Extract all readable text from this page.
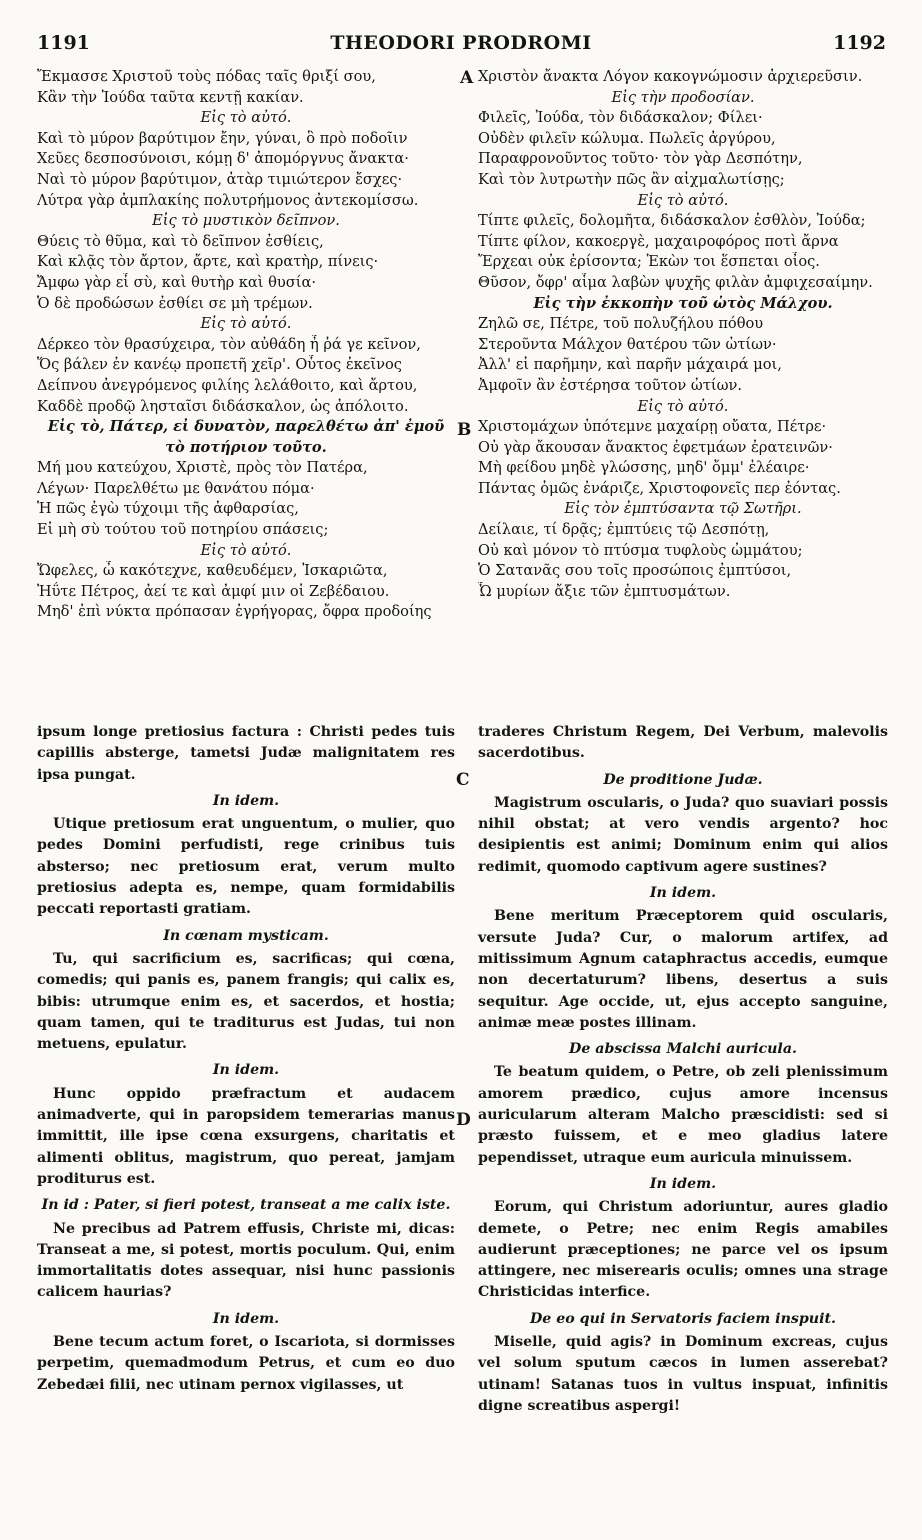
1191	THEODORI PRODROMI	1192
Ἔκμασσε Χριστοῦ τοὺς πόδας ταῖς θριξί σου,
Κἂν τὴν Ἰούδα ταῦτα κεντῇ κακίαν.
Εἰς τὸ αὐτό.
Καὶ τὸ μύρον βαρύτιμον ἔην, γύναι, ὃ πρὸ ποδοῖιν
Χεῦες δεσποσύνοισι, κόμῃ δ' ἀπομόργνυς ἄνακτα·
Ναὶ τὸ μύρον βαρύτιμον, ἀτὰρ τιμιώτερον ἔσχες·
Λύτρα γὰρ ἀμπλακίης πολυτρήμονος ἀντεκομίσσω.
Εἰς τὸ μυστικὸν δεῖπνον.
Θύεις τὸ θῦμα, καὶ τὸ δεῖπνον ἐσθίεις,
Καὶ κλᾷς τὸν ἄρτον, ἄρτε, καὶ κρατὴρ, πίνεις·
Ἄμφω γὰρ εἶ σὺ, καὶ θυτὴρ καὶ θυσία·
Ὁ δὲ προδώσων ἐσθίει σε μὴ τρέμων.
Εἰς τὸ αὐτό.
Δέρκεο τὸν θρασύχειρα, τὸν αὐθάδη ἦ ῥά γε κεῖνον,
Ὅς βάλεν ἐν κανέῳ προπετῆ χεῖρ'. Οὗτος ἐκεῖνος
Δείπνου ἀνεγρόμενος φιλίης λελάθοιτο, καὶ ἄρτου,
Καδδὲ προδῷ λησταῖσι διδάσκαλον, ὡς ἀπόλοιτο.
Εἰς τὸ, Πάτερ, εἰ δυνατὸν, παρελθέτω ἀπ' ἐμοῦ
τὸ ποτήριον τοῦτο.
Μή μου κατεύχου, Χριστὲ, πρὸς τὸν Πατέρα,
Λέγων· Παρελθέτω με θανάτου πόμα·
Ἡ πῶς ἐγὼ τύχοιμι τῆς ἀφθαρσίας,
Εἰ μὴ σὺ τούτου τοῦ ποτηρίου σπάσεις;
Εἰς τὸ αὐτό.
Ὤφελες, ὦ κακότεχνε, καθευδέμεν, Ἰσκαριῶτα,
Ἠΰτε Πέτρος, ἀεί τε καὶ ἀμφί μιν οἱ Ζεβέδαιου.
Μηδ' ἐπὶ νύκτα πρόπασαν ἐγρήγορας, ὄφρα προδοίης
Χριστὸν ἄνακτα Λόγον κακογνώμοσιν ἀρχιερεῦσιν.
Εἰς τὴν προδοσίαν.
Φιλεῖς, Ἰούδα, τὸν διδάσκαλον; Φίλει·
Οὐδὲν φιλεῖν κώλυμα. Πωλεῖς ἀργύρου,
Παραφρονοῦντος τοῦτο· τὸν γὰρ Δεσπότην,
Καὶ τὸν λυτρωτὴν πῶς ἂν αἰχμαλωτίσῃς;
Εἰς τὸ αὐτό.
Τίπτε φιλεῖς, δολομῆτα, διδάσκαλον ἐσθλὸν, Ἰούδα;
Τίπτε φίλον, κακοεργὲ, μαχαιροφόρος ποτὶ ἄρνα
Ἔρχεαι οὐκ ἐρίσοντα; Ἑκὼν τοι ἕσπεται οἶος.
Θῦσον, ὄφρ' αἷμα λαβὼν ψυχῆς φιλὰν ἀμφιχεσαίμην.
Εἰς τὴν ἐκκοπὴν τοῦ ὠτὸς Μάλχου.
Ζηλῶ σε, Πέτρε, τοῦ πολυζήλου πόθου
Στεροῦντα Μάλχον θατέρου τῶν ὠτίων·
Ἀλλ' εἰ παρῆμην, καὶ παρῆν μάχαιρά μοι,
Ἀμφοῖν ἂν ἐστέρησα τοῦτον ὠτίων.
Εἰς τὸ αὐτό.
Χριστομάχων ὑπότεμνε μαχαίρῃ οὔατα, Πέτρε·
Οὐ γὰρ ἄκουσαν ἄνακτος ἐφετμάων ἐρατεινῶν·
Μὴ φείδου μηδὲ γλώσσης, μηδ' ὄμμ' ἐλέαιρε·
Πάντας ὁμῶς ἐνάριζε, Χριστοφονεῖς περ ἐόντας.
Εἰς τὸν ἐμπτύσαντα τῷ Σωτῆρι.
Δείλαιε, τί δρᾷς; ἐμπτύεις τῷ Δεσπότῃ,
Οὐ καὶ μόνον τὸ πτύσμα τυφλοὺς ὠμμάτου;
Ὁ Σατανᾶς σου τοῖς προσώποις ἐμπτύσοι,
Ὦ μυρίων ἄξιε τῶν ἐμπτυσμάτων.
A
B
C
D

ipsum longe pretiosius factura : Christi pedes tuis capillis absterge, tametsi Judæ malignitatem res ipsa pungat.

In idem.

Utique pretiosum erat unguentum, o mulier, quo pedes Domini perfudisti, rege crinibus tuis absterso; nec pretiosum erat, verum multo pretiosius adepta es, nempe, quam formidabilis peccati reportasti gratiam.

In cœnam mysticam.

Tu, qui sacrificium es, sacrificas; qui cœna, comedis; qui panis es, panem frangis; qui calix es, bibis: utrumque enim es, et sacerdos, et hostia; quam tamen, qui te traditurus est Judas, tui non metuens, epulatur.

In idem.

Hunc oppido præfractum et audacem animadverte, qui in paropsidem temerarias manus immittit, ille ipse cœna exsurgens, charitatis et alimenti oblitus, magistrum, quo pereat, jamjam proditurus est.

In id : Pater, si fieri potest, transeat a me calix iste.

Ne precibus ad Patrem effusis, Christe mi, dicas: Transeat a me, si potest, mortis poculum. Qui, enim immortalitatis dotes assequar, nisi hunc passionis calicem haurias?

In idem.

Bene tecum actum foret, o Iscariota, si dormisses perpetim, quemadmodum Petrus, et cum eo duo Zebedæi filii, nec utinam pernox vigilasses, ut

traderes Christum Regem, Dei Verbum, malevolis sacerdotibus.

De proditione Judæ.

Magistrum oscularis, o Juda? quo suaviari possis nihil obstat; at vero vendis argento? hoc desipientis est animi; Dominum enim qui alios redimit, quomodo captivum agere sustines?

In idem.

Bene meritum Præceptorem quid oscularis, versute Juda? Cur, o malorum artifex, ad mitissimum Agnum cataphractus accedis, eumque non decertaturum? libens, desertus a suis sequitur. Age occide, ut, ejus accepto sanguine, animæ meæ postes illinam.

De abscissa Malchi auricula.

Te beatum quidem, o Petre, ob zeli plenissimum amorem prædico, cujus amore incensus auricularum alteram Malcho præscidisti: sed si præsto fuissem, et e meo gladius latere pependisset, utraque eum auricula minuissem.

In idem.

Eorum, qui Christum adoriuntur, aures gladio demete, o Petre; nec enim Regis amabiles audierunt præceptiones; ne parce vel os ipsum attingere, nec miserearis oculis; omnes una strage Christicidas interfice.

De eo qui in Servatoris faciem inspuit.

Miselle, quid agis? in Dominum excreas, cujus vel solum sputum cæcos in lumen asserebat? utinam! Satanas tuos in vultus inspuat, infinitis digne screatibus aspergi!
